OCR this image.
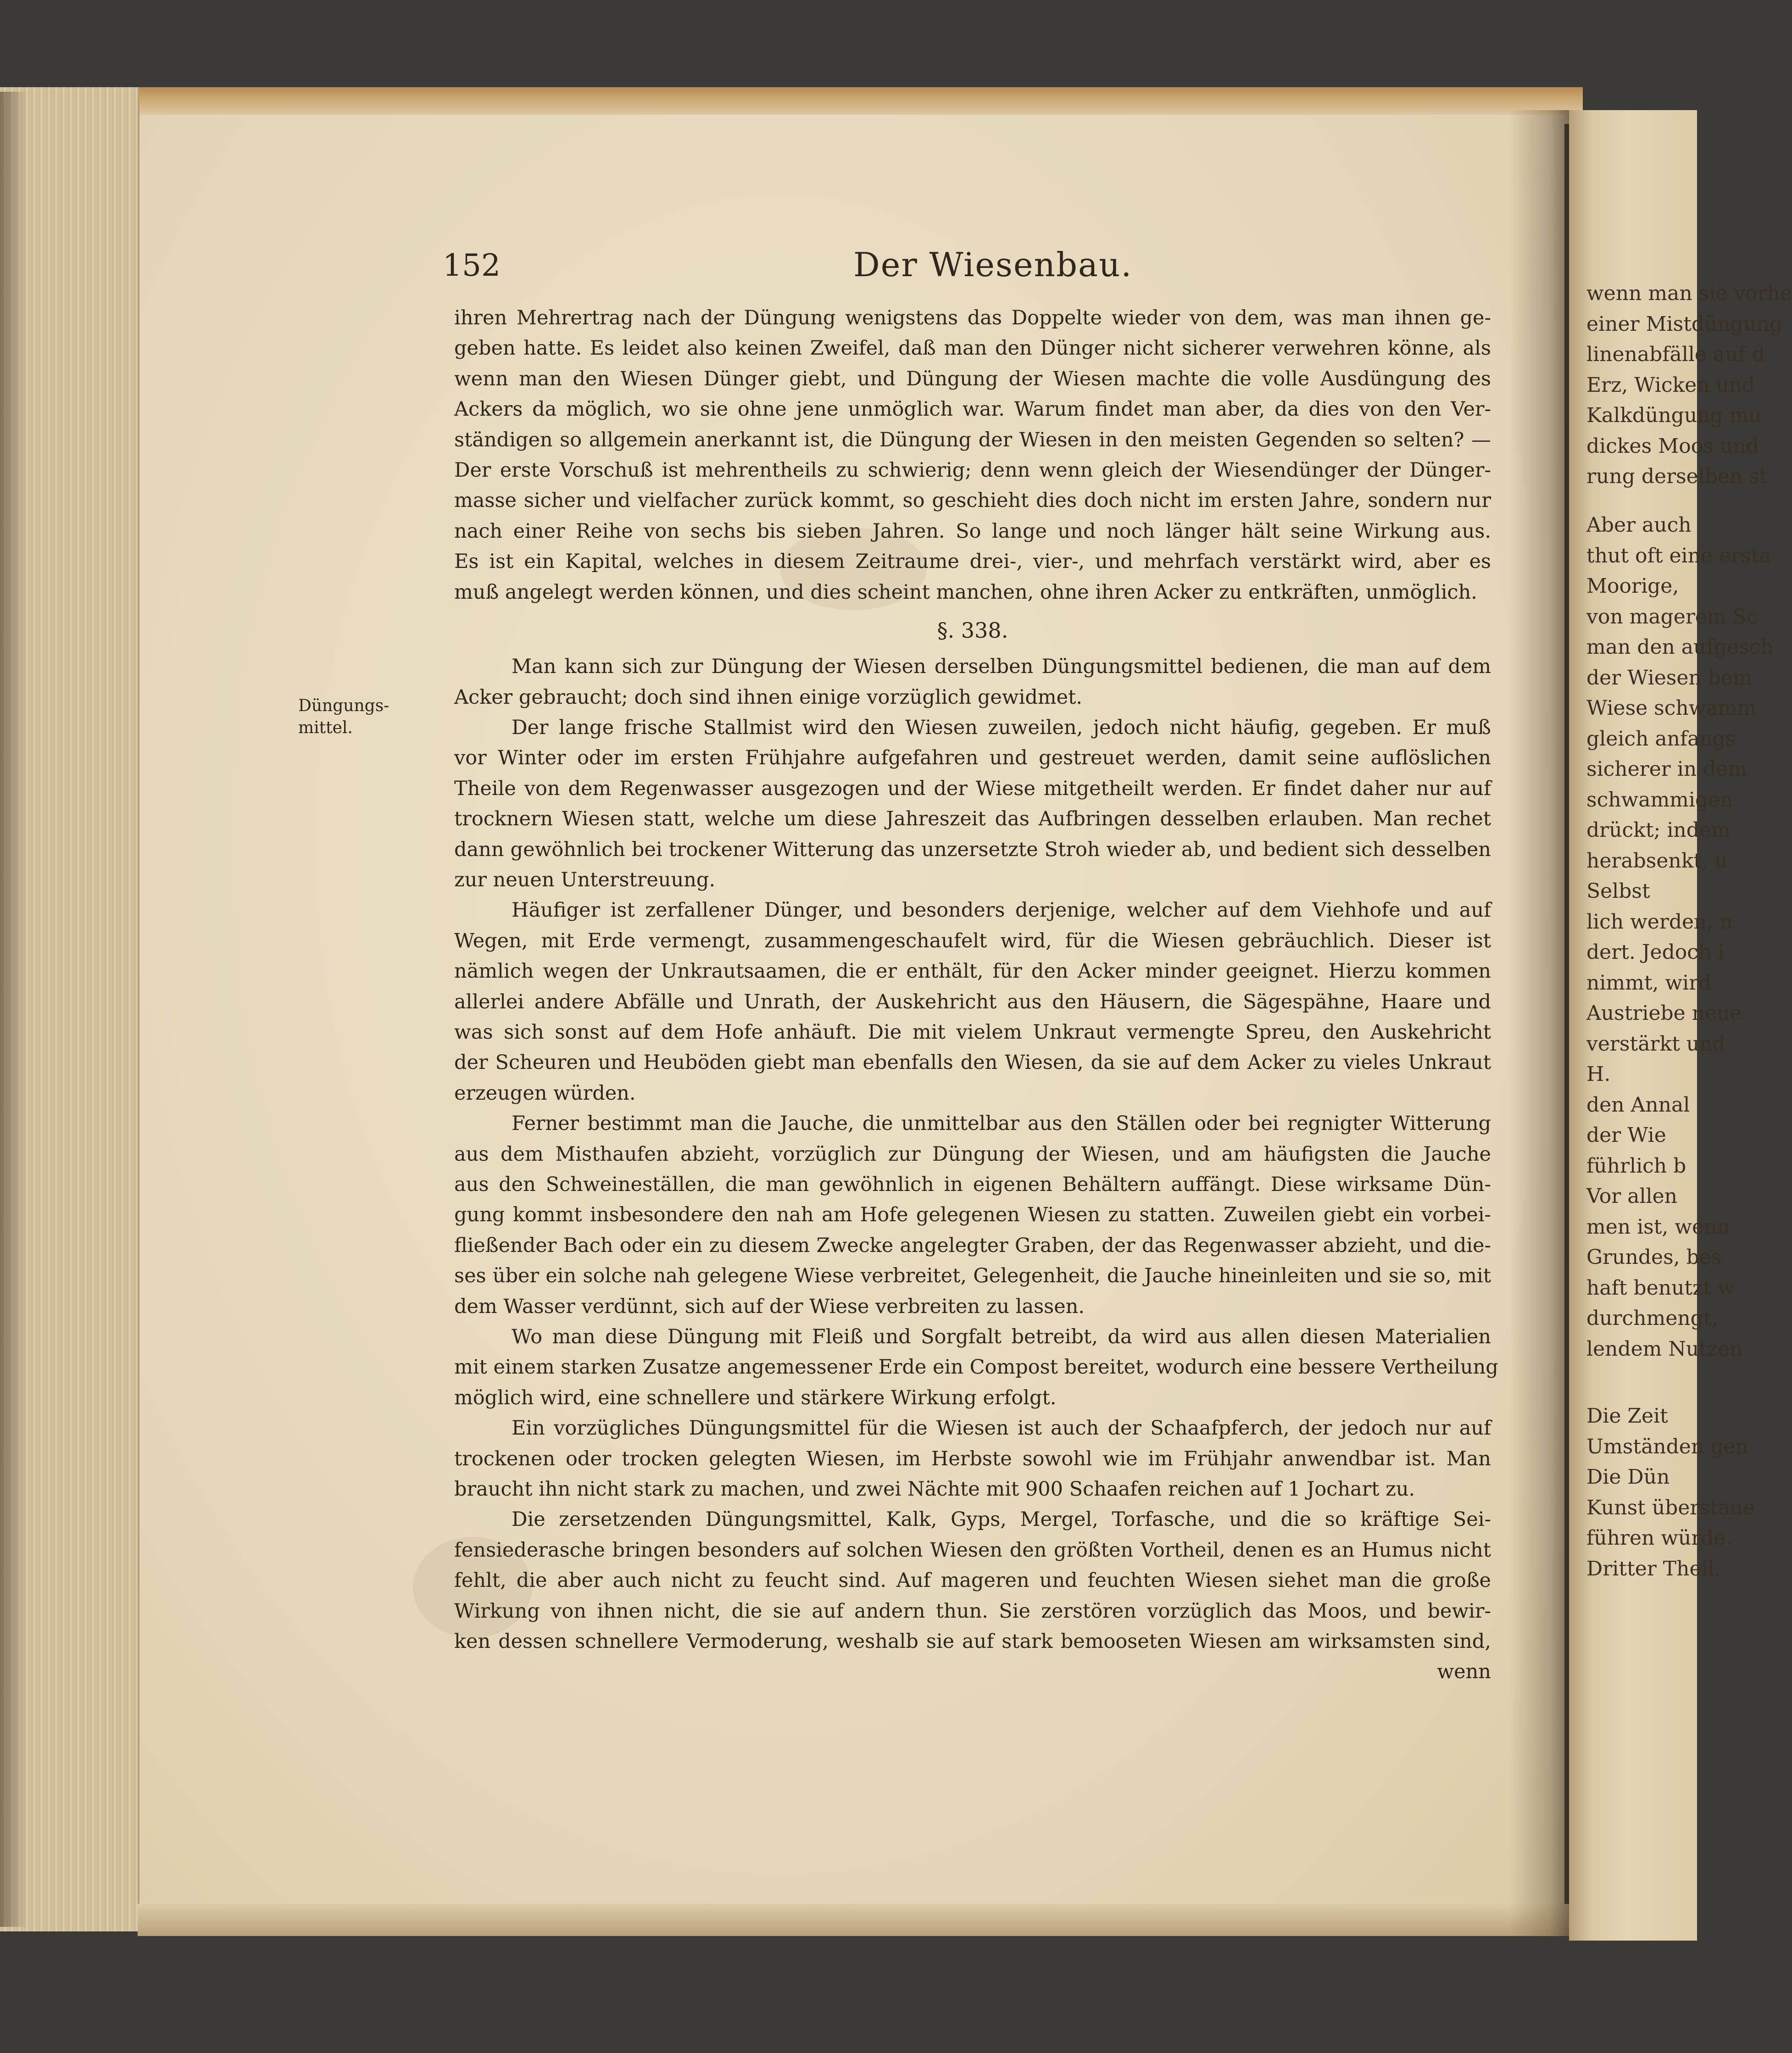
wenn man sie vorhe
einer Mistdüngung
linenabfälle auf d
Erz, Wicken und
Kalkdüngung mu
dickes Moos und
rung derselben st
Aber auch
thut oft eine ersta
Moorige,
von magerem Sc
man den aufgesch
der Wiesen bem
Wiese schwamm
gleich anfangs
sicherer in dem
schwammigen
drückt; indem
herabsenkt, u
Selbst
lich werden, n
dert. Jedoch i
nimmt, wird
Austriebe neue
verstärkt und
H.
den Annal
der Wie
führlich b
Vor allen
men ist, wenn
Grundes, bes
haft benutzt w
durchmengt,
lendem Nutzen
Die Zeit
Umständen gen
Die Dün
Kunst überstaue
führen würde.
Dritter Theil.
152	Der Wiesenbau.
Düngungs-
mittel.
ihren Mehrertrag nach der Düngung wenigstens das Doppelte wieder von dem, was man ihnen ge-
geben hatte. Es leidet also keinen Zweifel, daß man den Dünger nicht sicherer verwehren könne, als
wenn man den Wiesen Dünger giebt, und Düngung der Wiesen machte die volle Ausdüngung des
Ackers da möglich, wo sie ohne jene unmöglich war. Warum findet man aber, da dies von den Ver-
ständigen so allgemein anerkannt ist, die Düngung der Wiesen in den meisten Gegenden so selten? —
Der erste Vorschuß ist mehrentheils zu schwierig; denn wenn gleich der Wiesendünger der Dünger-
masse sicher und vielfacher zurück kommt, so geschieht dies doch nicht im ersten Jahre, sondern nur
nach einer Reihe von sechs bis sieben Jahren. So lange und noch länger hält seine Wirkung aus.
Es ist ein Kapital, welches in diesem Zeitraume drei-, vier-, und mehrfach verstärkt wird, aber es
muß angelegt werden können, und dies scheint manchen, ohne ihren Acker zu entkräften, unmöglich.
Man kann sich zur Düngung der Wiesen derselben Düngungsmittel bedienen, die man auf dem
Acker gebraucht; doch sind ihnen einige vorzüglich gewidmet.
Der lange frische Stallmist wird den Wiesen zuweilen, jedoch nicht häufig, gegeben. Er muß
vor Winter oder im ersten Frühjahre aufgefahren und gestreuet werden, damit seine auflöslichen
Theile von dem Regenwasser ausgezogen und der Wiese mitgetheilt werden. Er findet daher nur auf
trocknern Wiesen statt, welche um diese Jahreszeit das Aufbringen desselben erlauben. Man rechet
dann gewöhnlich bei trockener Witterung das unzersetzte Stroh wieder ab, und bedient sich desselben
zur neuen Unterstreuung.
Häufiger ist zerfallener Dünger, und besonders derjenige, welcher auf dem Viehhofe und auf
Wegen, mit Erde vermengt, zusammengeschaufelt wird, für die Wiesen gebräuchlich. Dieser ist
nämlich wegen der Unkrautsaamen, die er enthält, für den Acker minder geeignet. Hierzu kommen
allerlei andere Abfälle und Unrath, der Auskehricht aus den Häusern, die Sägespähne, Haare und
was sich sonst auf dem Hofe anhäuft. Die mit vielem Unkraut vermengte Spreu, den Auskehricht
der Scheuren und Heuböden giebt man ebenfalls den Wiesen, da sie auf dem Acker zu vieles Unkraut
erzeugen würden.
Ferner bestimmt man die Jauche, die unmittelbar aus den Ställen oder bei regnigter Witterung
aus dem Misthaufen abzieht, vorzüglich zur Düngung der Wiesen, und am häufigsten die Jauche
aus den Schweineställen, die man gewöhnlich in eigenen Behältern auffängt. Diese wirksame Dün-
gung kommt insbesondere den nah am Hofe gelegenen Wiesen zu statten. Zuweilen giebt ein vorbei-
fließender Bach oder ein zu diesem Zwecke angelegter Graben, der das Regenwasser abzieht, und die-
ses über ein solche nah gelegene Wiese verbreitet, Gelegenheit, die Jauche hineinleiten und sie so, mit
dem Wasser verdünnt, sich auf der Wiese verbreiten zu lassen.
Wo man diese Düngung mit Fleiß und Sorgfalt betreibt, da wird aus allen diesen Materialien
mit einem starken Zusatze angemessener Erde ein Compost bereitet, wodurch eine bessere Vertheilung
möglich wird, eine schnellere und stärkere Wirkung erfolgt.
Ein vorzügliches Düngungsmittel für die Wiesen ist auch der Schaafpferch, der jedoch nur auf
trockenen oder trocken gelegten Wiesen, im Herbste sowohl wie im Frühjahr anwendbar ist. Man
braucht ihn nicht stark zu machen, und zwei Nächte mit 900 Schaafen reichen auf 1 Jochart zu.
Die zersetzenden Düngungsmittel, Kalk, Gyps, Mergel, Torfasche, und die so kräftige Sei-
fensiederasche bringen besonders auf solchen Wiesen den größten Vortheil, denen es an Humus nicht
fehlt, die aber auch nicht zu feucht sind. Auf mageren und feuchten Wiesen siehet man die große
Wirkung von ihnen nicht, die sie auf andern thun. Sie zerstören vorzüglich das Moos, und bewir-
ken dessen schnellere Vermoderung, weshalb sie auf stark bemooseten Wiesen am wirksamsten sind,
wenn
§. 338.
